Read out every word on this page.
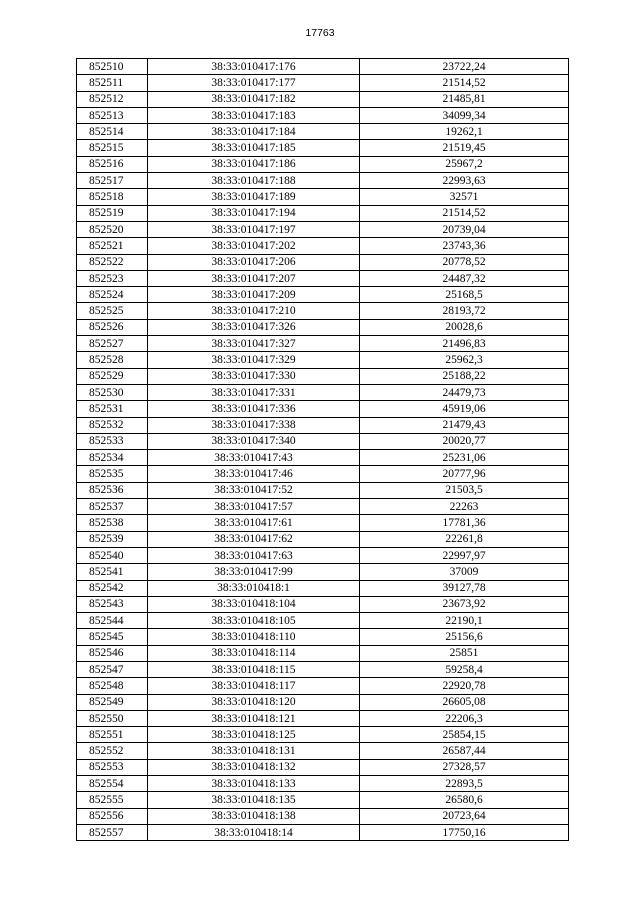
17763
852510	38:33:010417:176	23722,24
852511	38:33:010417:177	21514,52
852512	38:33:010417:182	21485,81
852513	38:33:010417:183	34099,34
852514	38:33:010417:184	19262,1
852515	38:33:010417:185	21519,45
852516	38:33:010417:186	25967,2
852517	38:33:010417:188	22993,63
852518	38:33:010417:189	32571
852519	38:33:010417:194	21514,52
852520	38:33:010417:197	20739,04
852521	38:33:010417:202	23743,36
852522	38:33:010417:206	20778,52
852523	38:33:010417:207	24487,32
852524	38:33:010417:209	25168,5
852525	38:33:010417:210	28193,72
852526	38:33:010417:326	20028,6
852527	38:33:010417:327	21496,83
852528	38:33:010417:329	25962,3
852529	38:33:010417:330	25188,22
852530	38:33:010417:331	24479,73
852531	38:33:010417:336	45919,06
852532	38:33:010417:338	21479,43
852533	38:33:010417:340	20020,77
852534	38:33:010417:43	25231,06
852535	38:33:010417:46	20777,96
852536	38:33:010417:52	21503,5
852537	38:33:010417:57	22263
852538	38:33:010417:61	17781,36
852539	38:33:010417:62	22261,8
852540	38:33:010417:63	22997,97
852541	38:33:010417:99	37009
852542	38:33:010418:1	39127,78
852543	38:33:010418:104	23673,92
852544	38:33:010418:105	22190,1
852545	38:33:010418:110	25156,6
852546	38:33:010418:114	25851
852547	38:33:010418:115	59258,4
852548	38:33:010418:117	22920,78
852549	38:33:010418:120	26605,08
852550	38:33:010418:121	22206,3
852551	38:33:010418:125	25854,15
852552	38:33:010418:131	26587,44
852553	38:33:010418:132	27328,57
852554	38:33:010418:133	22893,5
852555	38:33:010418:135	26580,6
852556	38:33:010418:138	20723,64
852557	38:33:010418:14	17750,16
